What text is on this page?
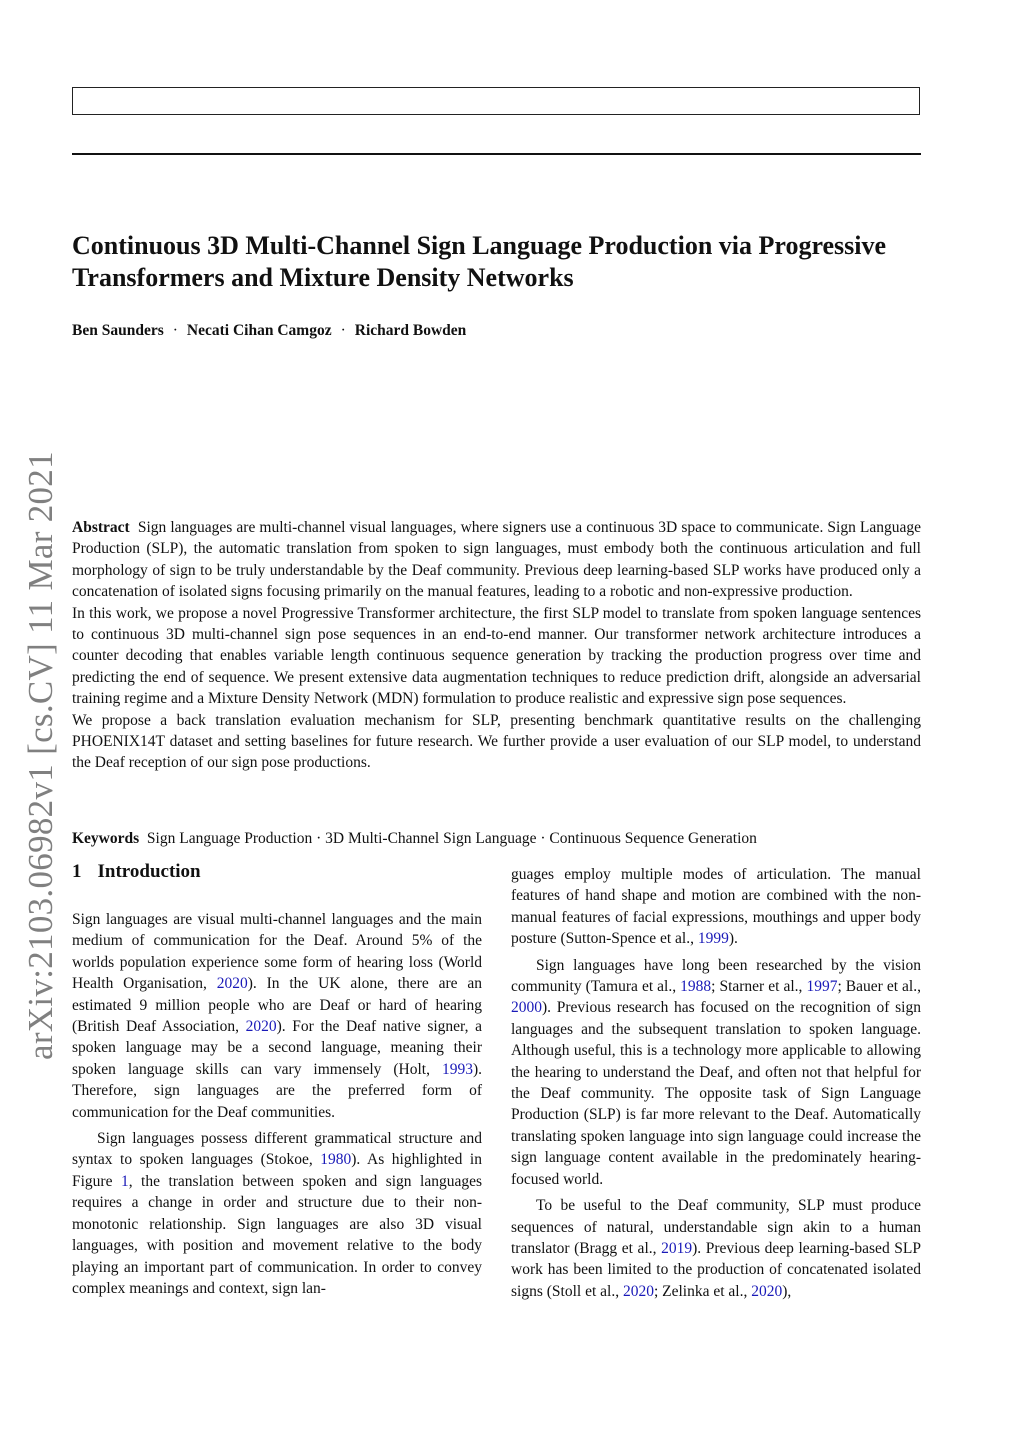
arXiv:2103.06982v1 [cs.CV] 11 Mar 2021
Continuous 3D Multi-Channel Sign Language Production via Progressive Transformers and Mixture Density Networks
Ben Saunders · Necati Cihan Camgoz · Richard Bowden

Abstract Sign languages are multi-channel visual languages, where signers use a continuous 3D space to communicate. Sign Language Production (SLP), the automatic translation from spoken to sign languages, must embody both the continuous articulation and full morphology of sign to be truly understandable by the Deaf community. Previous deep learning-based SLP works have produced only a concatenation of isolated signs focusing primarily on the manual features, leading to a robotic and non-expressive production.

In this work, we propose a novel Progressive Transformer architecture, the first SLP model to translate from spoken language sentences to continuous 3D multi-channel sign pose sequences in an end-to-end manner. Our transformer network architecture introduces a counter decoding that enables variable length continuous sequence generation by tracking the production progress over time and predicting the end of sequence. We present extensive data augmentation techniques to reduce prediction drift, alongside an adversarial training regime and a Mixture Density Network (MDN) formulation to produce realistic and expressive sign pose sequences.

We propose a back translation evaluation mechanism for SLP, presenting benchmark quantitative results on the challenging PHOENIX14T dataset and setting baselines for future research. We further provide a user evaluation of our SLP model, to understand the Deaf reception of our sign pose productions.

Keywords Sign Language Production · 3D Multi-Channel Sign Language · Continuous Sequence Generation
1 Introduction

Sign languages are visual multi-channel languages and the main medium of communication for the Deaf. Around 5% of the worlds population experience some form of hearing loss (World Health Organisation, 2020). In the UK alone, there are an estimated 9 million people who are Deaf or hard of hearing (British Deaf Association, 2020). For the Deaf native signer, a spoken language may be a second language, meaning their spoken language skills can vary immensely (Holt, 1993). Therefore, sign languages are the preferred form of communication for the Deaf communities.

Sign languages possess different grammatical structure and syntax to spoken languages (Stokoe, 1980). As highlighted in Figure 1, the translation between spoken and sign languages requires a change in order and structure due to their non-monotonic relationship. Sign languages are also 3D visual languages, with position and movement relative to the body playing an important part of communication. In order to convey complex meanings and context, sign lan-

guages employ multiple modes of articulation. The manual features of hand shape and motion are combined with the non-manual features of facial expressions, mouthings and upper body posture (Sutton-Spence et al., 1999).

Sign languages have long been researched by the vision community (Tamura et al., 1988; Starner et al., 1997; Bauer et al., 2000). Previous research has focused on the recognition of sign languages and the subsequent translation to spoken language. Although useful, this is a technology more applicable to allowing the hearing to understand the Deaf, and often not that helpful for the Deaf community. The opposite task of Sign Language Production (SLP) is far more relevant to the Deaf. Automatically translating spoken language into sign language could increase the sign language content available in the predominately hearing-focused world.

To be useful to the Deaf community, SLP must produce sequences of natural, understandable sign akin to a human translator (Bragg et al., 2019). Previous deep learning-based SLP work has been limited to the production of concatenated isolated signs (Stoll et al., 2020; Zelinka et al., 2020),
